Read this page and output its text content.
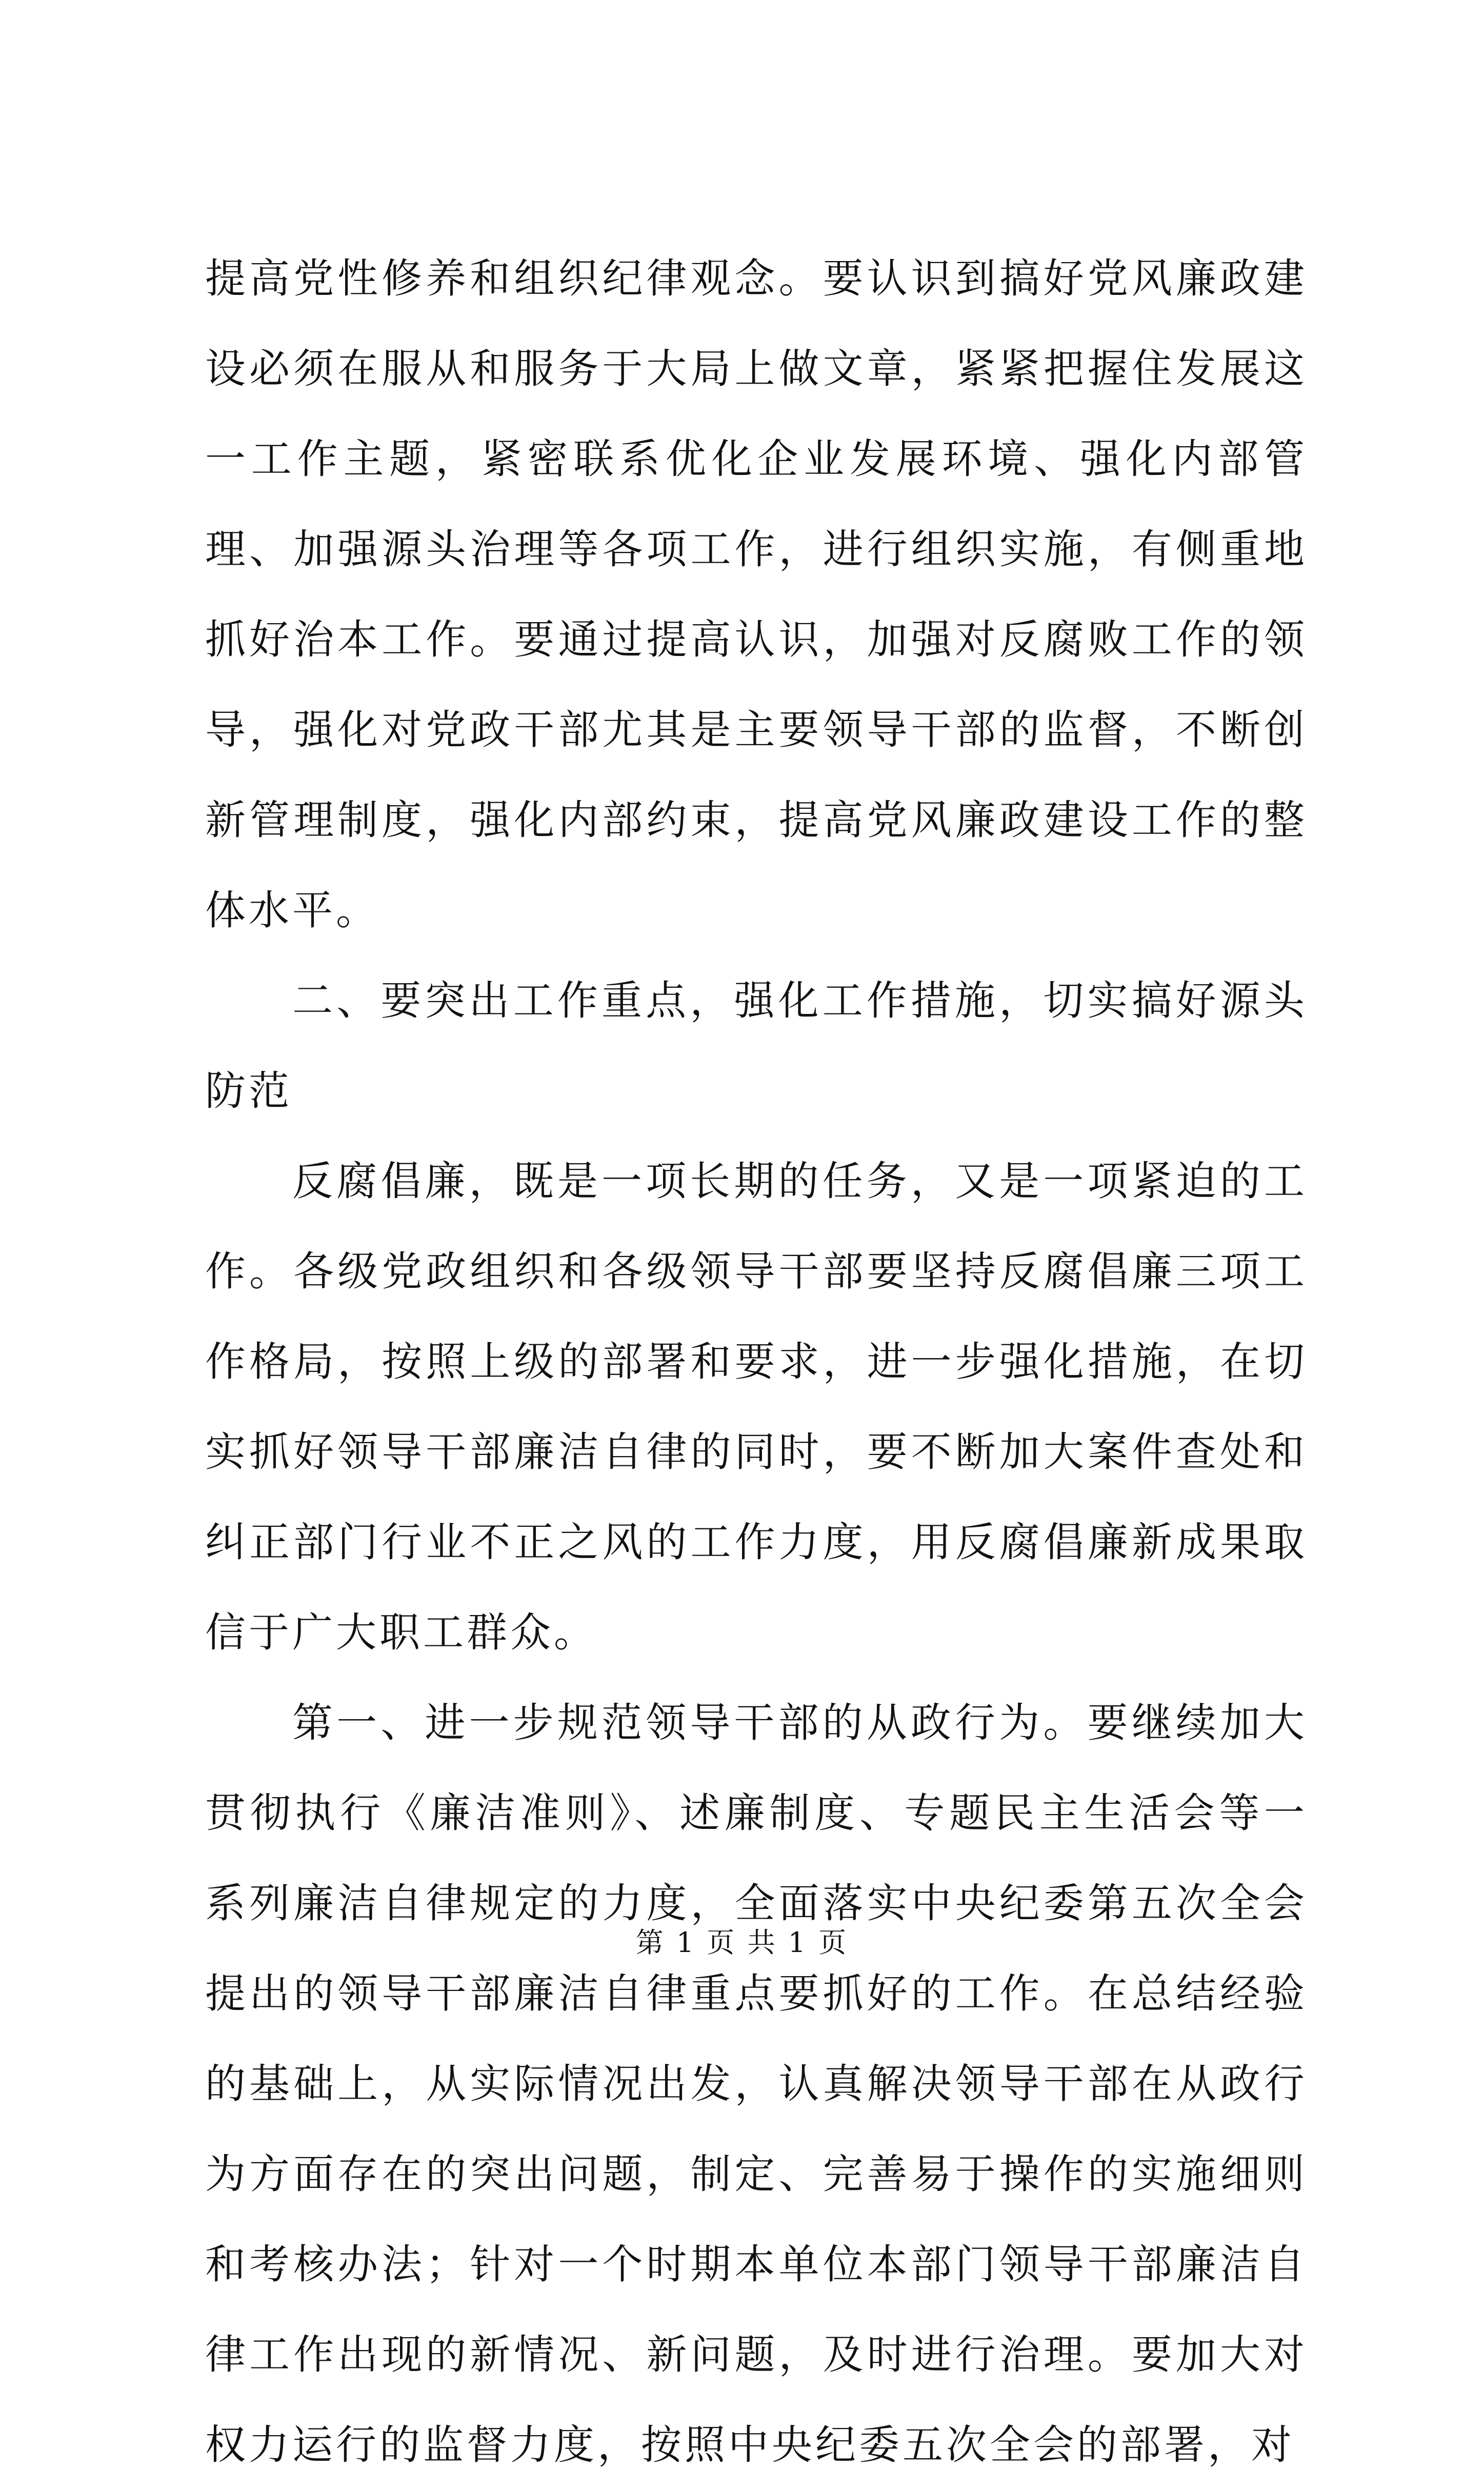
提高党性修养和组织纪律观念。要认识到搞好党风廉政建设必须在服从和服务于大局上做文章，紧紧把握住发展这一工作主题，紧密联系优化企业发展环境、强化内部管理、加强源头治理等各项工作，进行组织实施，有侧重地抓好治本工作。要通过提高认识，加强对反腐败工作的领导，强化对党政干部尤其是主要领导干部的监督，不断创新管理制度，强化内部约束，提高党风廉政建设工作的整体水平。

二、要突出工作重点，强化工作措施，切实搞好源头防范

反腐倡廉，既是一项长期的任务，又是一项紧迫的工作。各级党政组织和各级领导干部要坚持反腐倡廉三项工作格局，按照上级的部署和要求，进一步强化措施，在切实抓好领导干部廉洁自律的同时，要不断加大案件查处和纠正部门行业不正之风的工作力度，用反腐倡廉新成果取信于广大职工群众。

第一、进一步规范领导干部的从政行为。要继续加大贯彻执行《廉洁准则》、述廉制度、专题民主生活会等一系列廉洁自律规定的力度，全面落实中央纪委第五次全会提出的领导干部廉洁自律重点要抓好的工作。在总结经验的基础上，从实际情况出发，认真解决领导干部在从政行为方面存在的突出问题，制定、完善易于操作的实施细则和考核办法；针对一个时期本单位本部门领导干部廉洁自律工作出现的新情况、新问题，及时进行治理。要加大对权力运行的监督力度，按照中央纪委五次全会的部署，对

第 1 页 共 1 页
